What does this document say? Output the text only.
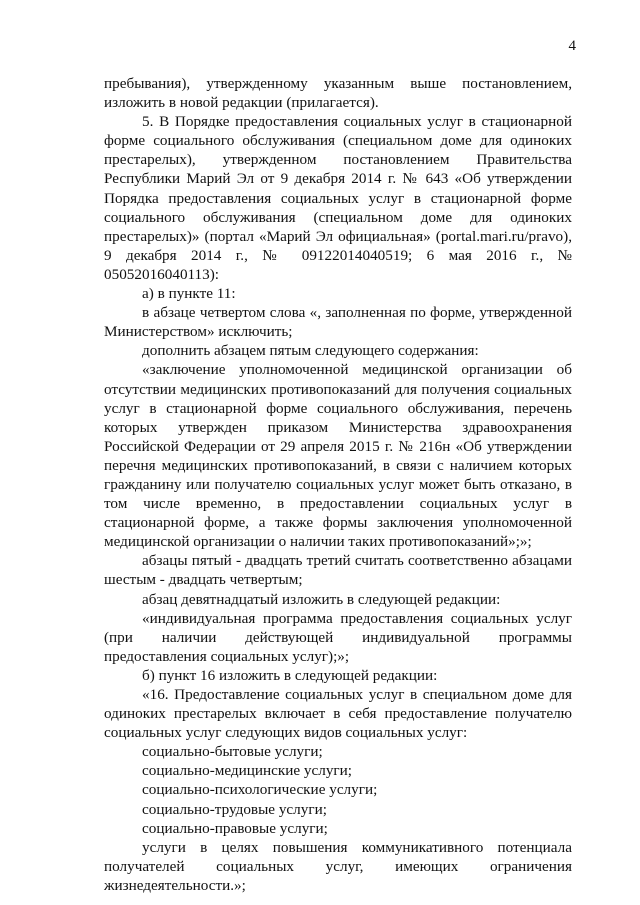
4

пребывания), утвержденному указанным выше постановлением, изложить в новой редакции (прилагается).

5. В Порядке предоставления социальных услуг в стационарной форме социального обслуживания (специальном доме для одиноких престарелых), утвержденном постановлением Правительства Республики Марий Эл от 9 декабря 2014 г. № 643 «Об утверждении Порядка предоставления социальных услуг в стационарной форме социального обслуживания (специальном доме для одиноких престарелых)» (портал «Марий Эл официальная» (portal.mari.ru/pravo), 9 декабря 2014 г., № 09122014040519; 6 мая 2016 г., № 05052016040113):

а) в пункте 11:

в абзаце четвертом слова «, заполненная по форме, утвержденной Министерством» исключить;

дополнить абзацем пятым следующего содержания:

«заключение уполномоченной медицинской организации об отсутствии медицинских противопоказаний для получения социальных услуг в стационарной форме социального обслуживания, перечень которых утвержден приказом Министерства здравоохранения Российской Федерации от 29 апреля 2015 г. № 216н «Об утверждении перечня медицинских противопоказаний, в связи с наличием которых гражданину или получателю социальных услуг может быть отказано, в том числе временно, в предоставлении социальных услуг в стационарной форме, а также формы заключения уполномоченной медицинской организации о наличии таких противопоказаний»;»;

абзацы пятый - двадцать третий считать соответственно абзацами шестым - двадцать четвертым;

абзац девятнадцатый изложить в следующей редакции:

«индивидуальная программа предоставления социальных услуг (при наличии действующей индивидуальной программы предоставления социальных услуг);»;

б) пункт 16 изложить в следующей редакции:

«16. Предоставление социальных услуг в специальном доме для одиноких престарелых включает в себя предоставление получателю социальных услуг следующих видов социальных услуг:

социально-бытовые услуги;

социально-медицинские услуги;

социально-психологические услуги;

социально-трудовые услуги;

социально-правовые услуги;

услуги в целях повышения коммуникативного потенциала получателей социальных услуг, имеющих ограничения жизнедеятельности.»;
